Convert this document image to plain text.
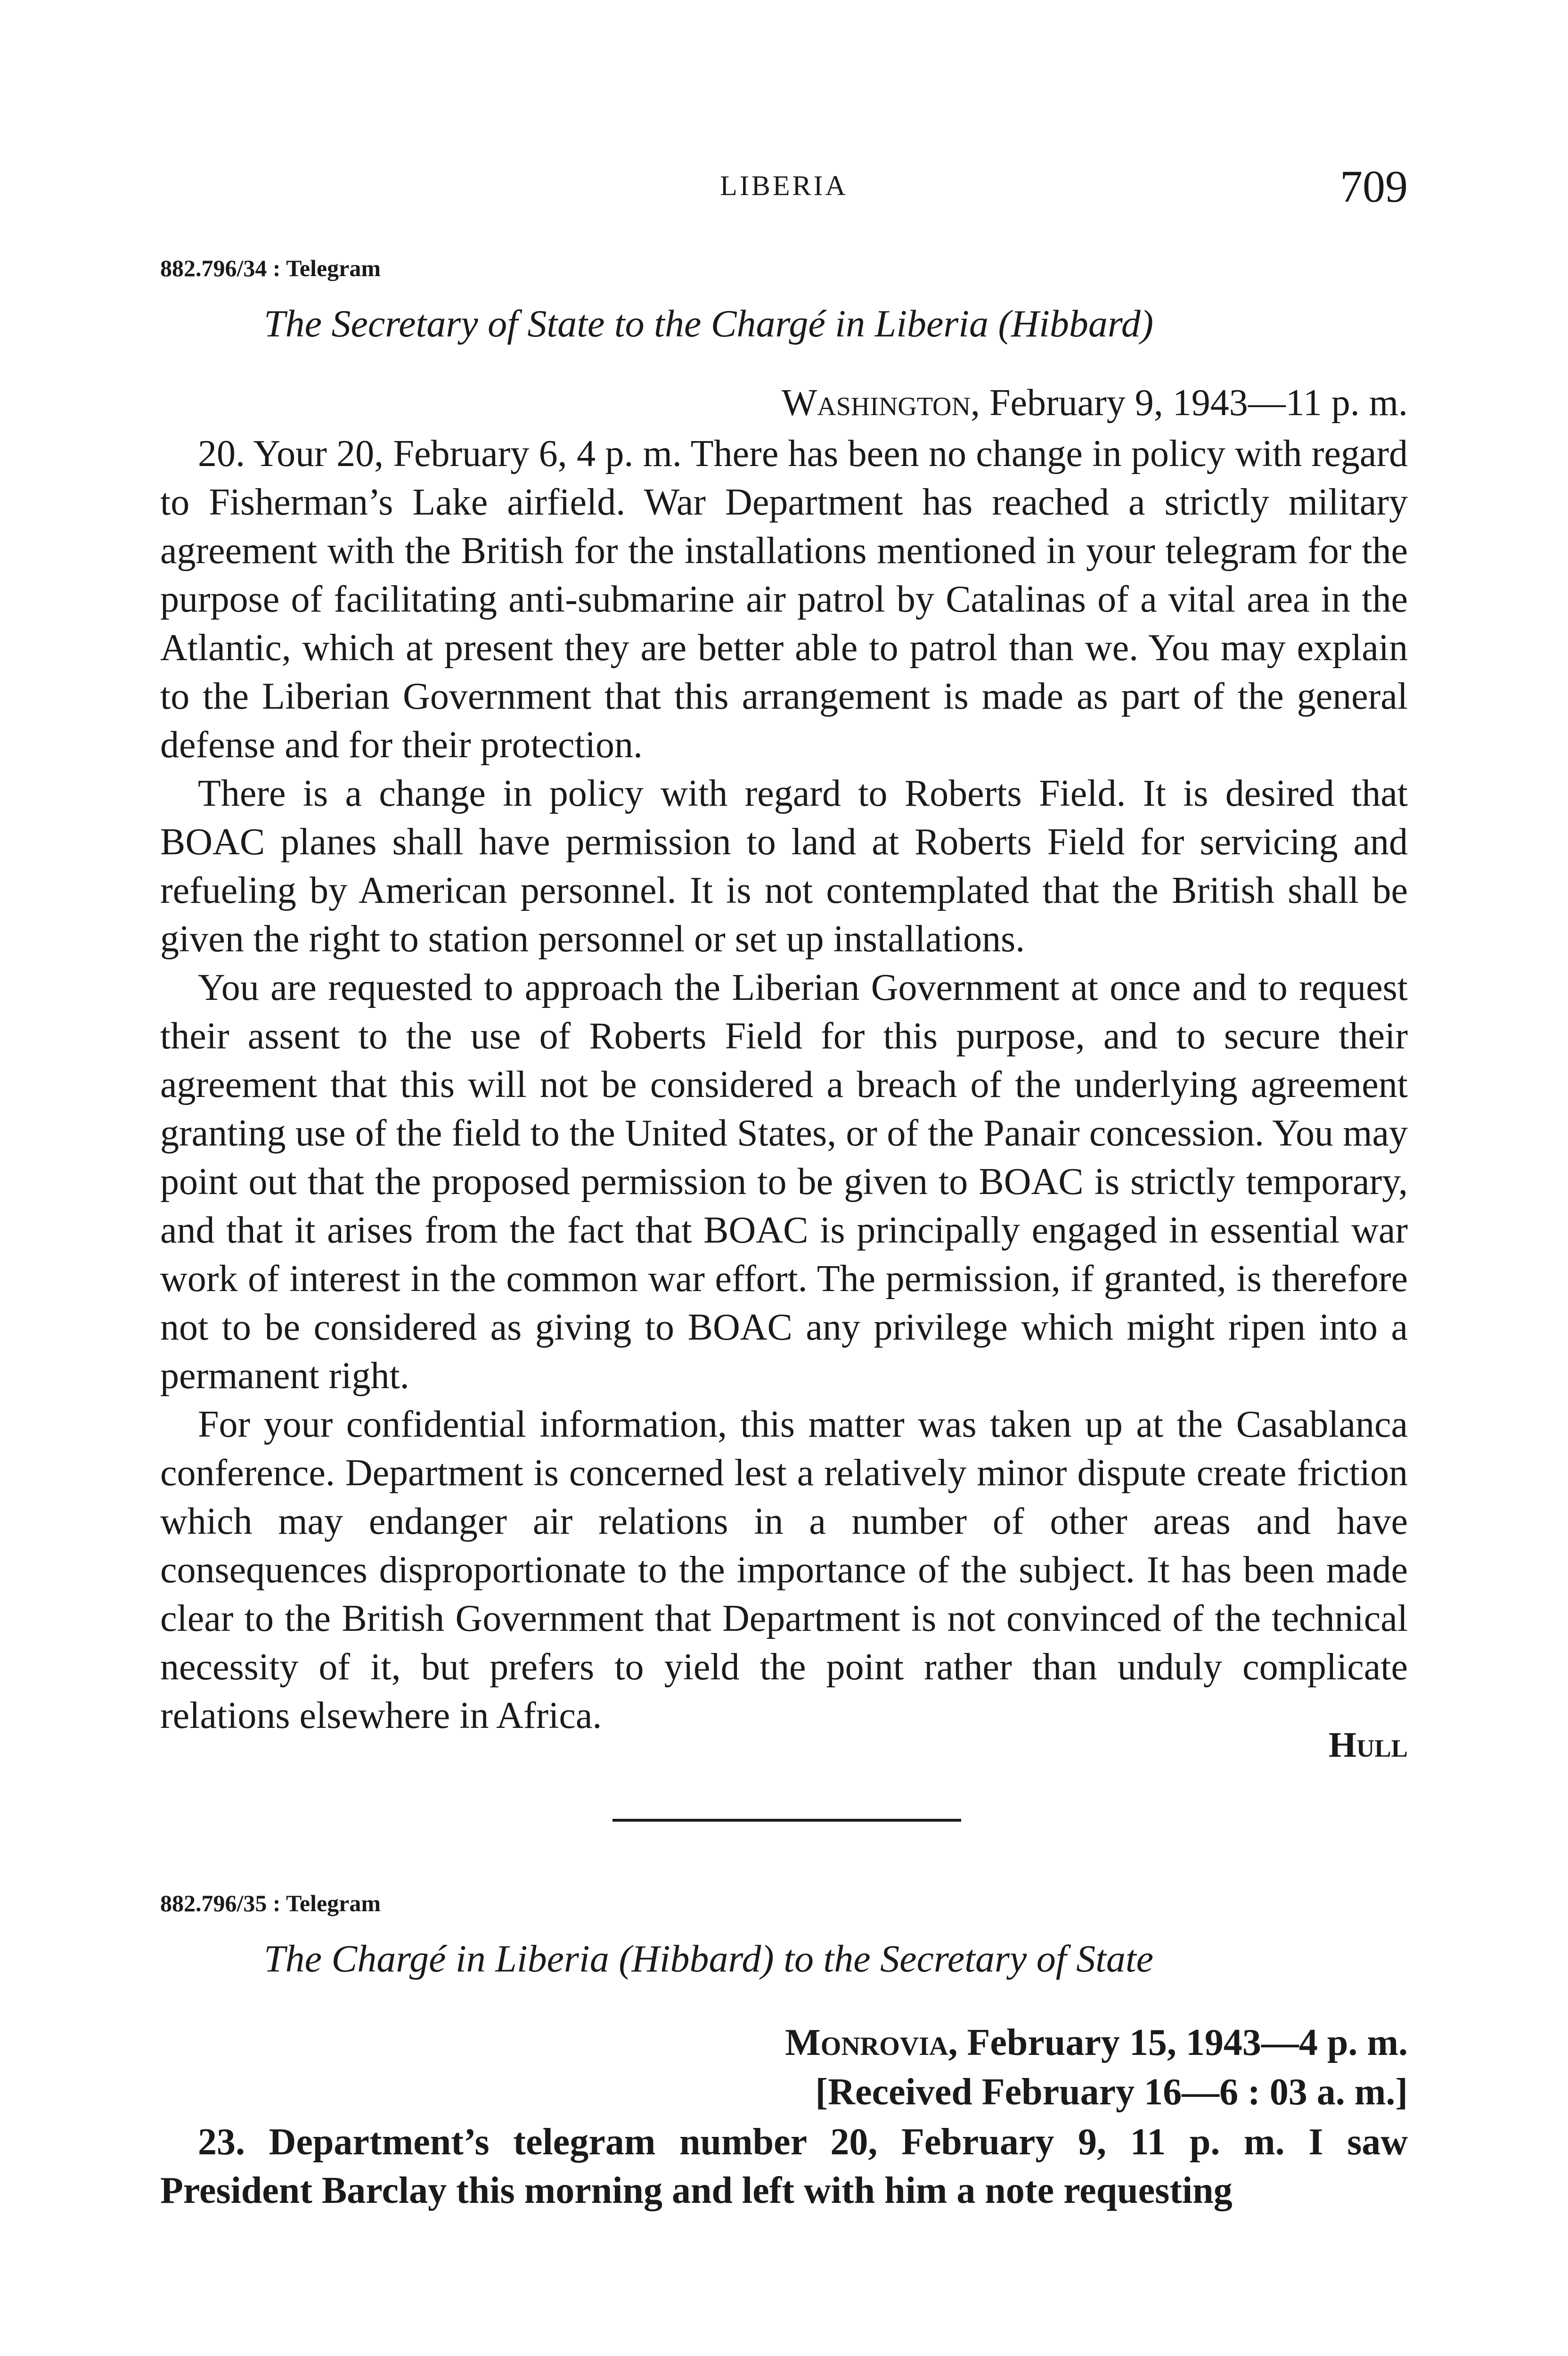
LIBERIA	709
882.796/34 : Telegram
The Secretary of State to the Chargé in Liberia (Hibbard)
Washington, February 9, 1943—11 p. m.

20. Your 20, February 6, 4 p. m. There has been no change in policy with regard to Fisherman’s Lake airfield. War Department has reached a strictly military agreement with the British for the installations mentioned in your telegram for the purpose of facilitating anti-submarine air patrol by Catalinas of a vital area in the Atlantic, which at present they are better able to patrol than we. You may explain to the Liberian Government that this arrangement is made as part of the general defense and for their protection.

There is a change in policy with regard to Roberts Field. It is desired that BOAC planes shall have permission to land at Roberts Field for servicing and refueling by American personnel. It is not contemplated that the British shall be given the right to station personnel or set up installations.

You are requested to approach the Liberian Government at once and to request their assent to the use of Roberts Field for this purpose, and to secure their agreement that this will not be considered a breach of the underlying agreement granting use of the field to the United States, or of the Panair concession. You may point out that the proposed permission to be given to BOAC is strictly temporary, and that it arises from the fact that BOAC is principally engaged in essential war work of interest in the common war effort. The permission, if granted, is therefore not to be considered as giving to BOAC any privilege which might ripen into a permanent right.

For your confidential information, this matter was taken up at the Casablanca conference. Department is concerned lest a relatively minor dispute create friction which may endanger air relations in a number of other areas and have consequences disproportionate to the importance of the subject. It has been made clear to the British Government that Department is not convinced of the technical necessity of it, but prefers to yield the point rather than unduly complicate relations elsewhere in Africa.

Hull
882.796/35 : Telegram
The Chargé in Liberia (Hibbard) to the Secretary of State
Monrovia, February 15, 1943—4 p. m.
[Received February 16—6 : 03 a. m.]

23. Department’s telegram number 20, February 9, 11 p. m. I saw President Barclay this morning and left with him a note requesting
